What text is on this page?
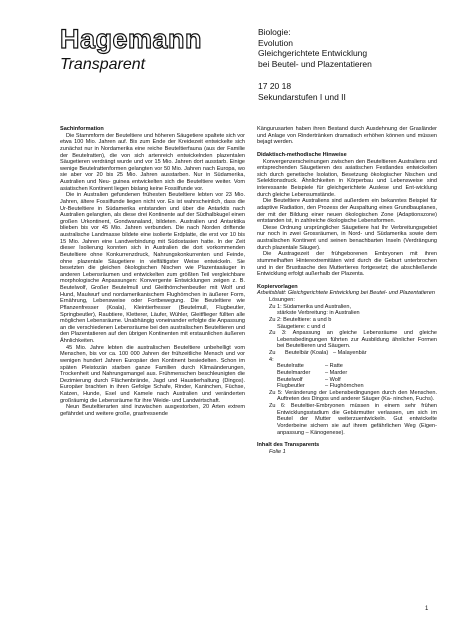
Hagemann
Transparent
Biologie:
Evolution
Gleichgerichtete Entwicklung
bei Beutel- und Plazentatieren
17 20 18
Sekundarstufen I und II
Sachinformation

Die Stammform der Beuteltiere und höheren Säugetiere spaltete sich vor etwa 100 Mio. Jahren auf. Bis zum Ende der Kreidezeit entwickelte sich zunächst nur in Nordamerika eine reiche Beuteltierfauna (aus der Familie der Beutelratten), die von sich artenreich entwickelnden plazentalen Säugetieren verdrängt wurde und vor 15 Mio. Jahren dort ausstarb. Einige wenige Beutelrattenformen gelangten vor 50 Mio. Jahren nach Europa, wo sie aber vor 20 bis 25 Mio. Jahren ausstarben. Nur in Südamerika, Australien und Neu- guinea entwickelten sich die Beuteltiere weiter. Vom asiatischen Kontinent liegen bislang keine Fossilfunde vor.

Die in Australien gefundenen frühesten Beuteltiere lebten vor 23 Mio. Jahren, ältere Fossilfunde liegen nicht vor. Es ist wahrscheinlich, dass die Ur-Beuteltiere in Südamerika entstanden und über die Antarktis nach Australien gelangten, als diese drei Kontinente auf der Südhalbkugel einen großen Urkontinent, Gondwanaland, bildeten. Australien und Antarktika blieben bis vor 45 Mio. Jahren verbunden. Die nach Norden driftende australische Landmasse bildete eine isolierte Erdplatte, die erst vor 10 bis 15 Mio. Jahren eine Landverbindung mit Südostasien hatte. In der Zeit dieser Isolierung konnten sich in Australien die dort vorkommenden Beuteltiere ohne Konkurrenzdruck, Nahrungskonkurrenten und Feinde, ohne plazentale Säugetiere in vielfältigster Weise entwickeln. Sie besetzten die gleichen ökologischen Nischen wie Plazentasäuger in anderen Lebensräumen und entwickelten zum größten Teil vergleichbare morphologische Anpassungen: Konvergente Entwicklungen zeigen z. B. Beutelwolf, Großer Beutelmull und Gleithörnchenbeutler mit Wolf und Hund, Maulwurf und nordamerikanischem Flughörnchen in äußerer Form, Ernährung, Lebensweise oder Fortbewegung. Die Beuteltiere wie Pflanzenfresser (Koala), Kleintierfresser (Beutelmull, Flugbeutler, Springbeutler), Raubtiere, Kletterer, Läufer, Wühler, Gleitflieger füllten alle möglichen Lebensräume. Unabhängig voneinander erfolgte die Anpassung an die verschiedenen Lebensräume bei den australischen Beuteltieren und den Plazentatieren auf den übrigen Kontinenten mit erstaunlichen äußeren Ähnlichkeiten.

45 Mio. Jahre lebten die australischen Beuteltiere unbehelligt vom Menschen, bis vor ca. 100 000 Jahren der frühzeitliche Mensch und vor wenigen hundert Jahren Europäer den Kontinent besiedelten. Schon im späten Pleistozän starben ganze Familien durch Klimaänderungen, Trockenheit und Nahrungsmangel aus. Frühmenschen beschleunigten die Dezimierung durch Flächenbrände, Jagd und Haustierhaltung (Dingos). Europäer brachten in ihren Gefolge Schafe, Rinder, Kaninchen, Füchse, Katzen, Hunde, Esel und Kamele nach Australien und veränderten großräumig die Lebensräume für ihre Weide- und Landwirtschaft.

Neun Beuteltierarten sind inzwischen ausgestorben, 20 Arten extrem gefährdet und weitere große, grasfressende

Kängurusarten haben ihren Bestand durch Ausdehnung der Grasländer und Anlage von Rindertränken dramatisch erhöhen können und müssen bejagt werden.

Didaktisch-methodische Hinweise

Konvergenzerscheinungen zwischen den Beuteltieren Australiens und entsprechenden Säugetieren des asiatischen Festlandes entwickelten sich durch genetische Isolation, Besetzung ökologischer Nischen und Selektionsdruck. Ähnlichkeiten in Körperbau und Lebensweise sind interessante Beispiele für gleichgerichtete Auslese und Ent-wicklung durch gleiche Lebensumstände.

Die Beuteltiere Australiens sind außerdem ein bekanntes Beispiel für adaptive Radiation, den Prozess der Auspaltung eines Grundbauplanes, der mit der Bildung einer neuen ökologischen Zone (Adaptionszone) entstanden ist, in zahlreiche ökologische Lebensformen.

Diese Ordnung ursprünglicher Säugetiere hat Ihr Verbreitungsgebiet nur noch in zwei Grossräumen, in Nord- und Südamerika sowie dem australischen Kontinent und seinen benachbarten Inseln (Verdrängung durch plazentale Säuger).

Die Austragezeit der frühgeborenen Embryonen mit ihren stummelhaften Hinterextremitäten wird durch die Geburt unterbrochen und in der Brusttasche des Muttertieres fortgesetzt; die abschließende Entwicklung erfolgt außerhalb der Plazenta.

Kopiervorlagen

Arbeitsblatt: Gleichgerichtete Entwicklung bei Beutel- und Plazentatieren

Lösungen:

Zu 1: Südamerika und Australien,

stärkste Verbreitung: in Australien

Zu 2: Beuteltiere: a und b

Säugetiere: c und d

Zu 3: Anpassung an gleiche Lebensräume und gleiche Lebensbedingungen führten zur Ausbildung ähnlicher Formen bei Beuteltieren und Säugern.

Zu 4:
Beutelbär (Koala) – Malayenbär
Beutelratte	– Ratte
Beutelmarder	– Marder
Beutelwolf	– Wolf
Flugbeutler	– Flughörnchen

Zu 5: Veränderung der Lebensbedingungen durch den Menschen. Auftreten des Dingos und anderer Säuger (Ka- ninchen, Fuchs).

Zu 6: Beuteltier-Embryonen müssen in einem sehr frühen Entwicklungsstadium die Gebärmutter verlassen, um sich im Beutel der Mutter weiterzuentwickeln. Gut entwickelte Vorderbeine sichern sie auf ihrem gefährlichen Weg (Eigen-anpassung – Känogenese).

Inhalt des Transparents

Folie 1

1
